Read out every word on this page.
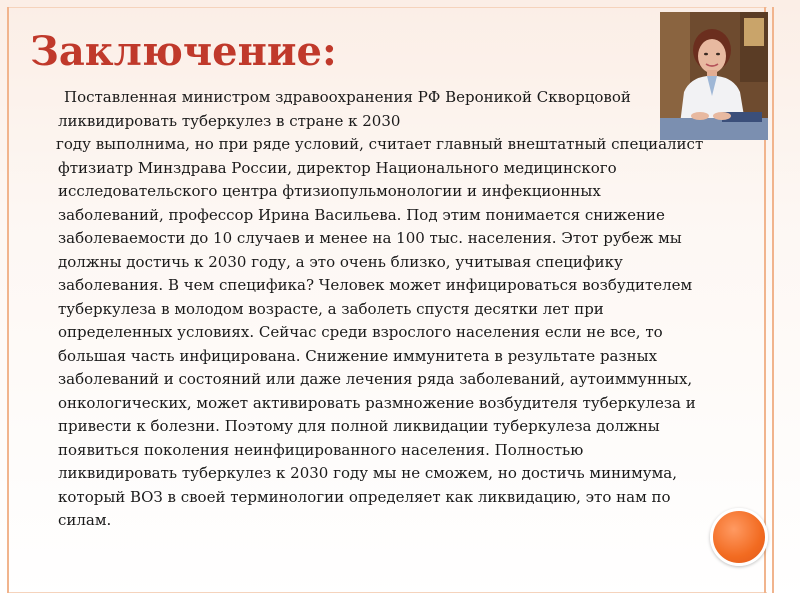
Заключение:
Поставленная министром здравоохранения РФ Вероникой Скворцовой
ликвидировать туберкулез в стране к 2030
году выполнима, но при ряде условий, считает главный внештатный специалист
фтизиатр Минздрава России, директор Национального медицинского
исследовательского центра фтизиопульмонологии и инфекционных
заболеваний, профессор Ирина Васильева. Под этим понимается снижение
заболеваемости до 10 случаев и менее на 100 тыс. населения. Этот рубеж мы
должны достичь к 2030 году, а это очень близко, учитывая специфику
заболевания. В чем специфика? Человек может инфицироваться возбудителем
туберкулеза в молодом возрасте, а заболеть спустя десятки лет при
определенных условиях. Сейчас среди взрослого населения если не все, то
большая часть инфицирована. Снижение иммунитета в результате разных
заболеваний и состояний или даже лечения ряда заболеваний, аутоиммунных,
онкологических, может активировать размножение возбудителя туберкулеза и
привести к болезни. Поэтому для полной ликвидации туберкулеза должны
появиться поколения неинфицированного населения. Полностью
ликвидировать туберкулез к 2030 году мы не сможем, но достичь минимума,
который ВОЗ в своей терминологии определяет как ликвидацию, это нам по
силам.
